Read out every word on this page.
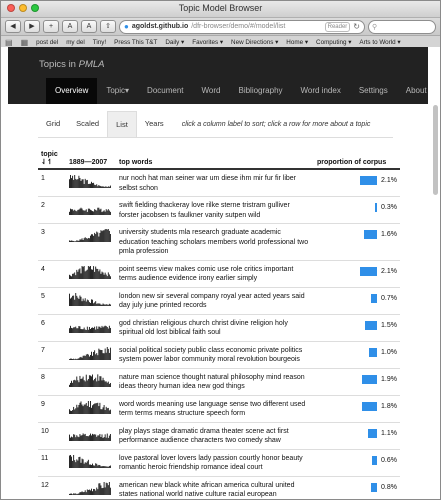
Topic Model Browser
◀	▶	+	A	A	⇧	● agoldst.github.io /dfr-browser/demo/#/model/list	Reader ↻ ⚲
▤ ▦ post del my del Tiny! Press This T&T Daily ▾ Favorites ▾ New Directions ▾ Home ▾ Computing ▾ Arts to World ▾
Topics in PMLA
Overview	Topic▾	Document	Word	Bibliography	Word index	Settings	About
Grid	Scaled	List	Years	click a column label to sort; click a row for more about a topic
topic
⇃↿	1889—2007	top words	proportion of corpus
1		nur noch hat man seiner war um diese ihm mir fur fir liber selbst schon	2.1%

2		swift fielding thackeray love rilke sterne tristram gulliver forster jacobsen ts faulkner vanity sutpen wild	0.3%

3		university students mla research graduate academic education teaching scholars members world professional two pmla profession	1.6%

4		point seems view makes comic use role critics important terms audience evidence irony earlier simply	2.1%

5		london new sir several company royal year acted years said day july june printed records	0.7%

6		god christian religious church christ divine religion holy spiritual old lost biblical faith soul	1.5%

7		social political society public class economic private politics system power labor community moral revolution bourgeois	1.0%

8		nature man science thought natural philosophy mind reason ideas theory human idea new god things	1.9%

9		word words meaning use language sense two different used term terms means structure speech form	1.8%

10		play plays stage dramatic drama theater scene act first performance audience characters two comedy shaw	1.1%

11		love pastoral lover lovers lady passion courtly honor beauty romantic heroic friendship romance ideal court	0.6%

12		american new black white african america cultural united states national world native culture racial european	0.8%
